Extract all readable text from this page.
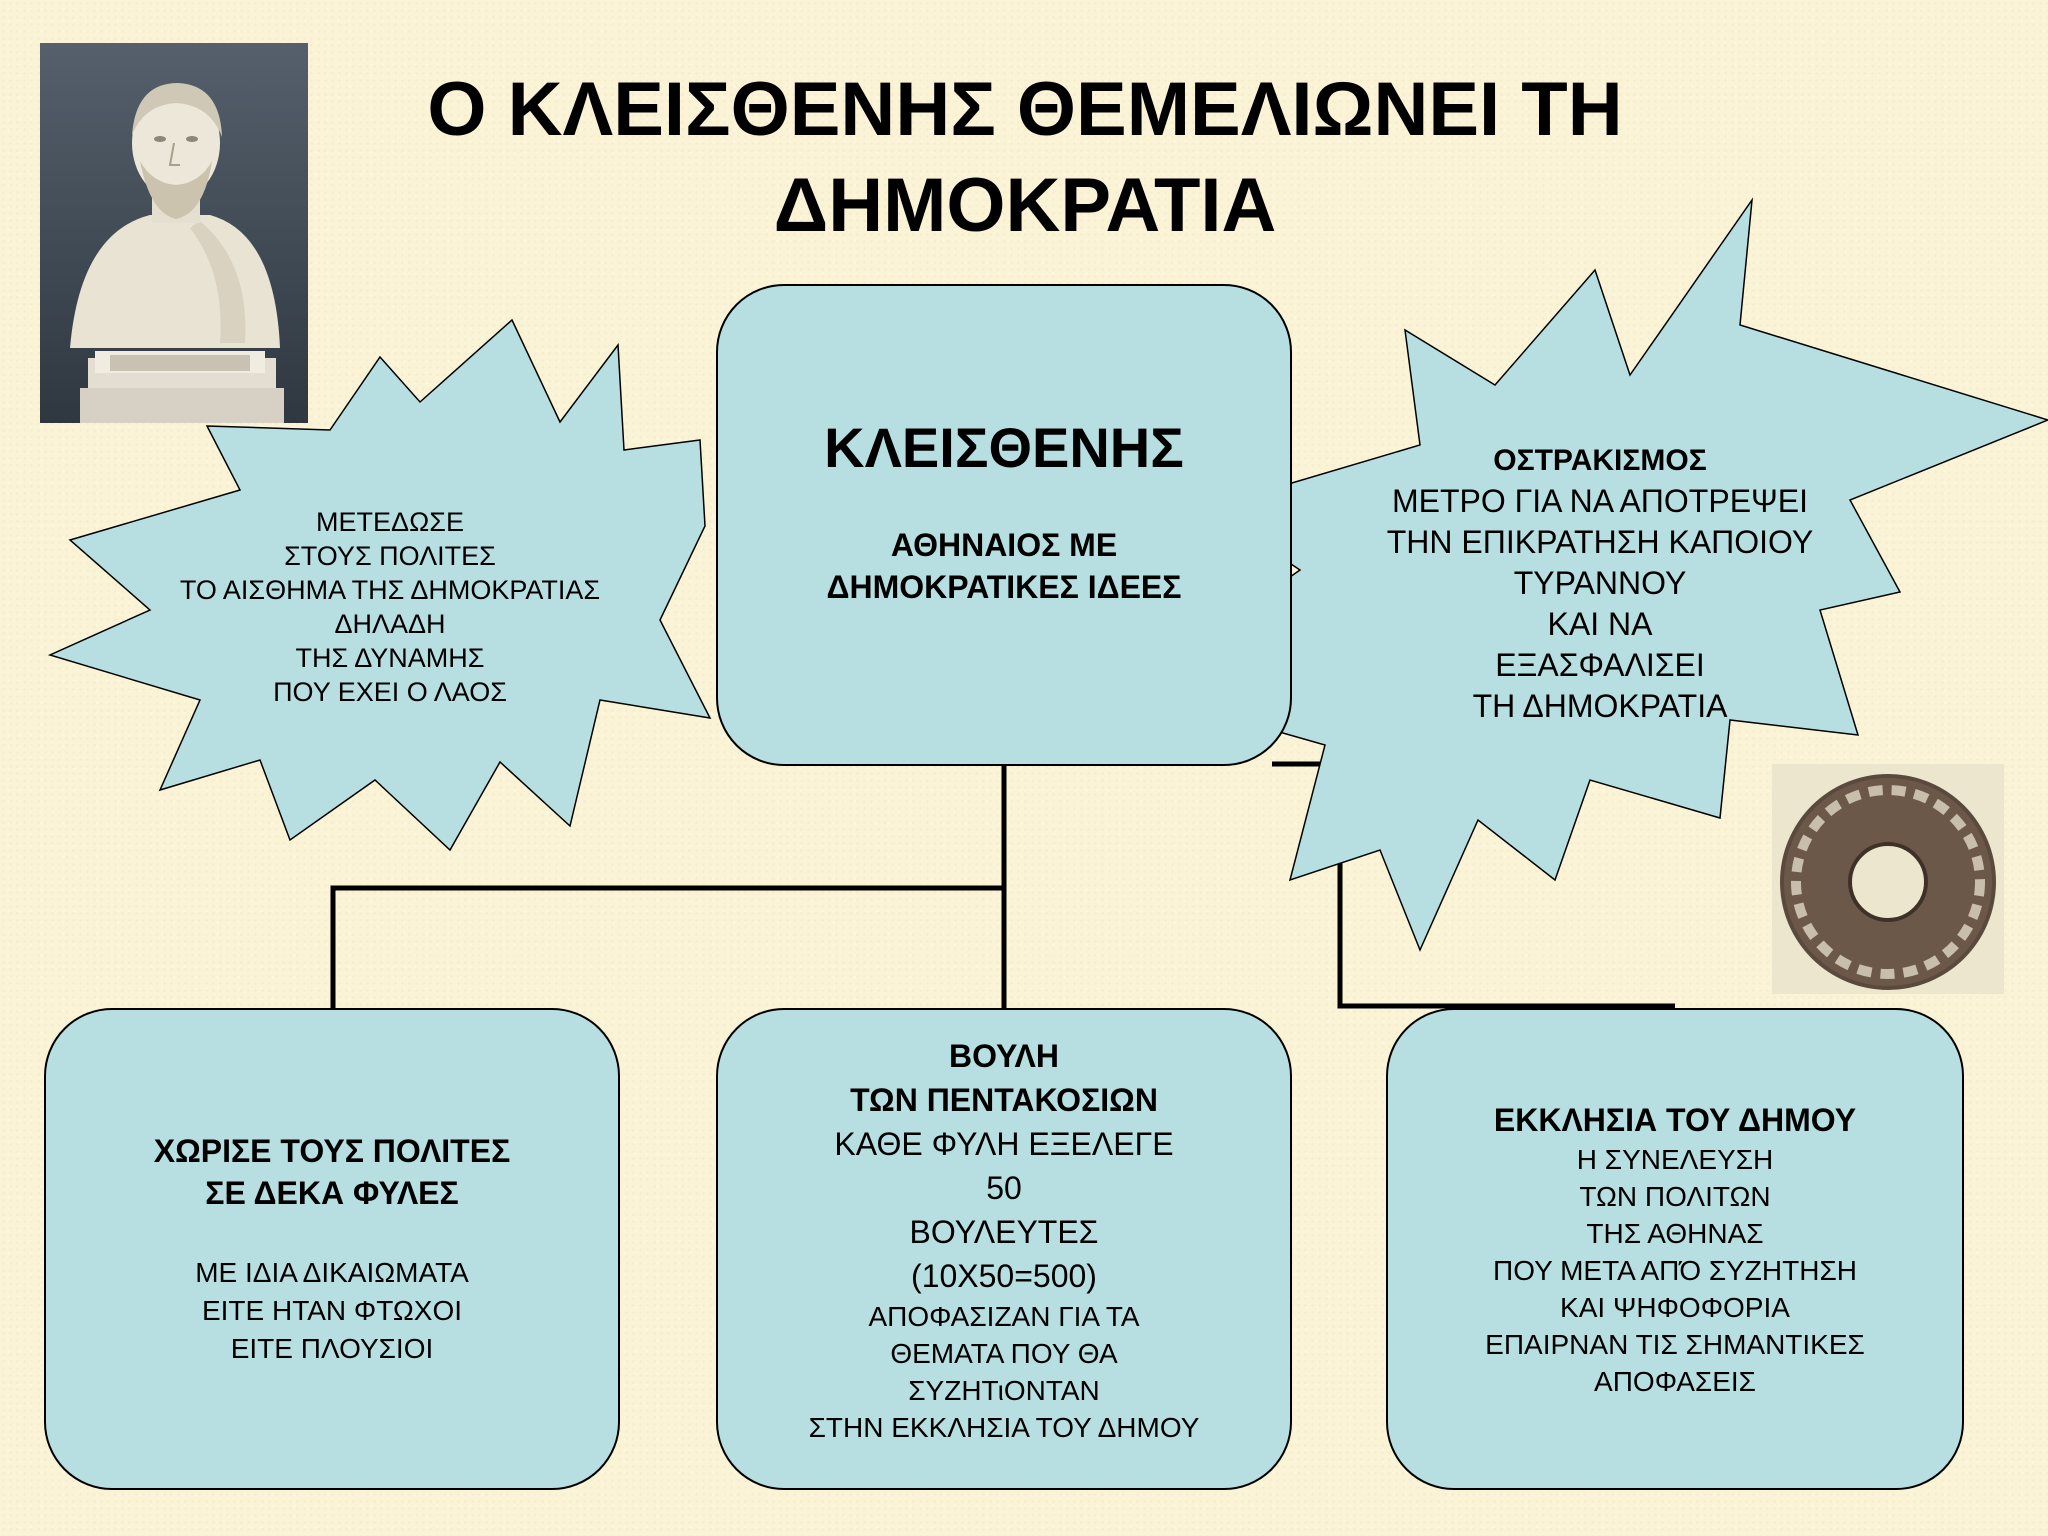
Ο ΚΛΕΙΣΘΕΝΗΣ ΘΕΜΕΛΙΩΝΕΙ ΤΗ
ΔΗΜΟΚΡΑΤΙΑ
ΜΕΤΕΔΩΣΕ
ΣΤΟΥΣ ΠΟΛΙΤΕΣ
ΤΟ ΑΙΣΘΗΜΑ ΤΗΣ ΔΗΜΟΚΡΑΤΙΑΣ
ΔΗΛΑΔΗ
ΤΗΣ ΔΥΝΑΜΗΣ
ΠΟΥ ΕΧΕΙ Ο ΛΑΟΣ
ΟΣΤΡΑΚΙΣΜΟΣ
ΜΕΤΡΟ ΓΙΑ ΝΑ ΑΠΟΤΡΕΨΕΙ
ΤΗΝ ΕΠΙΚΡΑΤΗΣΗ ΚΑΠΟΙΟΥ
ΤΥΡΑΝΝΟΥ
ΚΑΙ ΝΑ
ΕΞΑΣΦΑΛΙΣΕΙ
ΤΗ ΔΗΜΟΚΡΑΤΙΑ
ΚΛΕΙΣΘΕΝΗΣ
ΑΘΗΝΑΙΟΣ ΜΕ
ΔΗΜΟΚΡΑΤΙΚΕΣ ΙΔΕΕΣ
ΧΩΡΙΣΕ ΤΟΥΣ ΠΟΛΙΤΕΣ
ΣΕ ΔΕΚΑ ΦΥΛΕΣ
ΜΕ ΙΔΙΑ ΔΙΚΑΙΩΜΑΤΑ
ΕΙΤΕ ΗΤΑΝ ΦΤΩΧΟΙ
ΕΙΤΕ ΠΛΟΥΣΙΟΙ
ΒΟΥΛΗ
ΤΩΝ ΠΕΝΤΑΚΟΣΙΩΝ
ΚΑΘΕ ΦΥΛΗ ΕΞΕΛΕΓΕ
50
ΒΟΥΛΕΥΤΕΣ
(10Χ50=500)
ΑΠΟΦΑΣΙΖΑΝ ΓΙΑ ΤΑ
ΘΕΜΑΤΑ ΠΟΥ ΘΑ
ΣΥΖΗΤιΟΝΤΑΝ
ΣΤΗΝ ΕΚΚΛΗΣΙΑ ΤΟΥ ΔΗΜΟΥ
ΕΚΚΛΗΣΙΑ ΤΟΥ ΔΗΜΟΥ
Η ΣΥΝΕΛΕΥΣΗ
ΤΩΝ ΠΟΛΙΤΩΝ
ΤΗΣ ΑΘΗΝΑΣ
ΠΟΥ ΜΕΤΑ ΑΠΌ ΣΥΖΗΤΗΣΗ
ΚΑΙ ΨΗΦΟΦΟΡΙΑ
ΕΠΑΙΡΝΑΝ ΤΙΣ ΣΗΜΑΝΤΙΚΕΣ
ΑΠΟΦΑΣΕΙΣ
